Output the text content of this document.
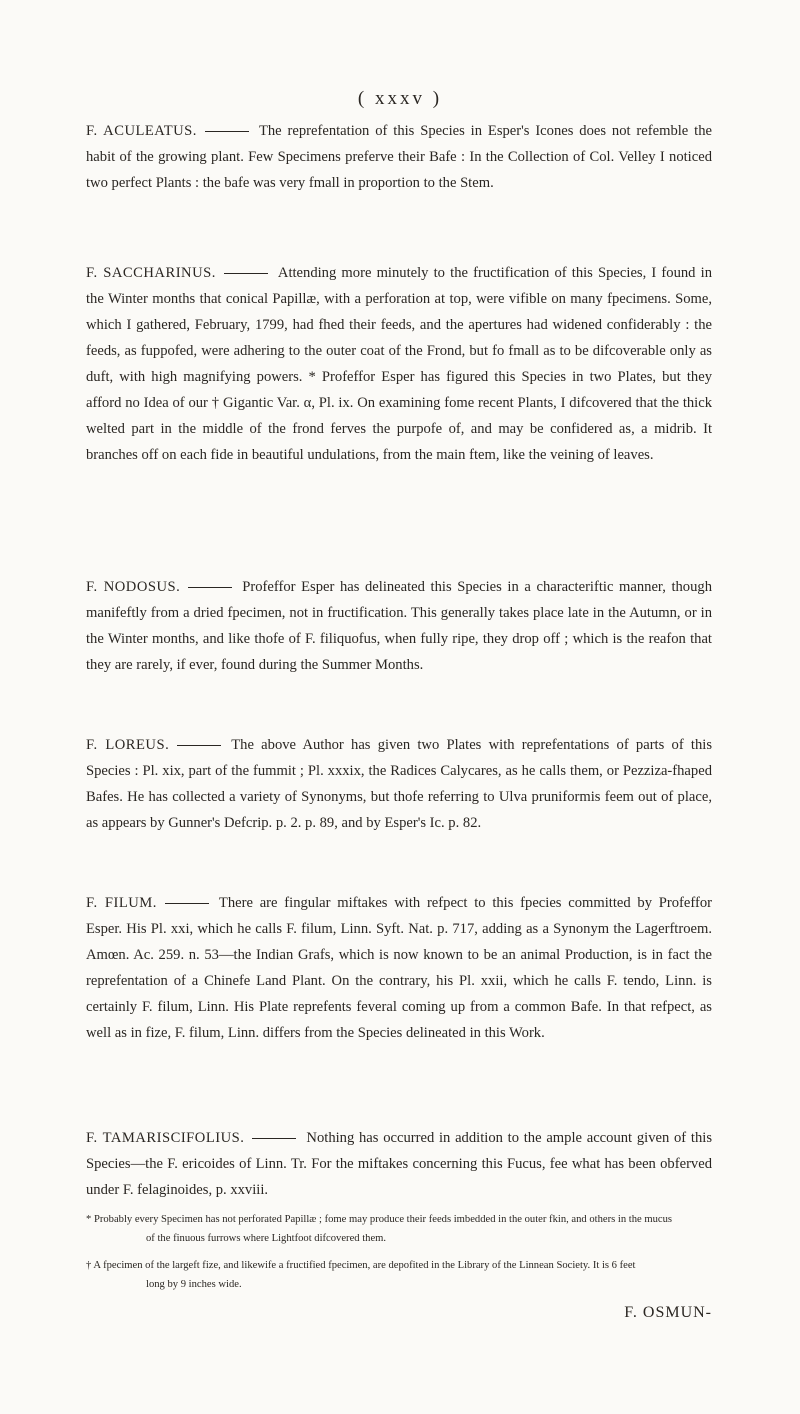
( xxxv )
F. ACULEATUS.	The reprefentation of this Species in Esper's Icones does not refemble the habit of the growing plant. Few Specimens preferve their Bafe : In the Collection of Col. Velley I noticed two perfect Plants : the bafe was very fmall in proportion to the Stem.
F. SACCHARINUS.	Attending more minutely to the fructification of this Species, I found in the Winter months that conical Papillæ, with a perforation at top, were vifible on many fpecimens. Some, which I gathered, February, 1799, had fhed their feeds, and the apertures had widened confiderably : the feeds, as fuppofed, were adhering to the outer coat of the Frond, but fo fmall as to be difcoverable only as duft, with high magnifying powers. * Profeffor Esper has figured this Species in two Plates, but they afford no Idea of our † Gigantic Var. α, Pl. ix. On examining fome recent Plants, I difcovered that the thick welted part in the middle of the frond ferves the purpofe of, and may be confidered as, a midrib. It branches off on each fide in beautiful undulations, from the main ftem, like the veining of leaves.
F. NODOSUS.	Profeffor Esper has delineated this Species in a characteriftic manner, though manifeftly from a dried fpecimen, not in fructification. This generally takes place late in the Autumn, or in the Winter months, and like thofe of F. filiquofus, when fully ripe, they drop off ; which is the reafon that they are rarely, if ever, found during the Summer Months.
F. LOREUS.	The above Author has given two Plates with reprefentations of parts of this Species : Pl. xix, part of the fummit ; Pl. xxxix, the Radices Calycares, as he calls them, or Pezziza-fhaped Bafes. He has collected a variety of Synonyms, but thofe referring to Ulva pruniformis feem out of place, as appears by Gunner's Defcrip. p. 2. p. 89, and by Esper's Ic. p. 82.
F. FILUM.	There are fingular miftakes with refpect to this fpecies committed by Profeffor Esper. His Pl. xxi, which he calls F. filum, Linn. Syft. Nat. p. 717, adding as a Synonym the Lagerftroem. Amœn. Ac. 259. n. 53—the Indian Grafs, which is now known to be an animal Production, is in fact the reprefentation of a Chinefe Land Plant. On the contrary, his Pl. xxii, which he calls F. tendo, Linn. is certainly F. filum, Linn. His Plate reprefents feveral coming up from a common Bafe. In that refpect, as well as in fize, F. filum, Linn. differs from the Species delineated in this Work.
F. TAMARISCIFOLIUS.	Nothing has occurred in addition to the ample account given of this Species—the F. ericoides of Linn. Tr. For the miftakes concerning this Fucus, fee what has been obferved under F. felaginoides, p. xxviii.
* Probably every Specimen has not perforated Papillæ ; fome may produce their feeds imbedded in the outer fkin, and others in the mucus
of the finuous furrows where Lightfoot difcovered them.
† A fpecimen of the largeft fize, and likewife a fructified fpecimen, are depofited in the Library of the Linnean Society. It is 6 feet
long by 9 inches wide.
F. OSMUN-
